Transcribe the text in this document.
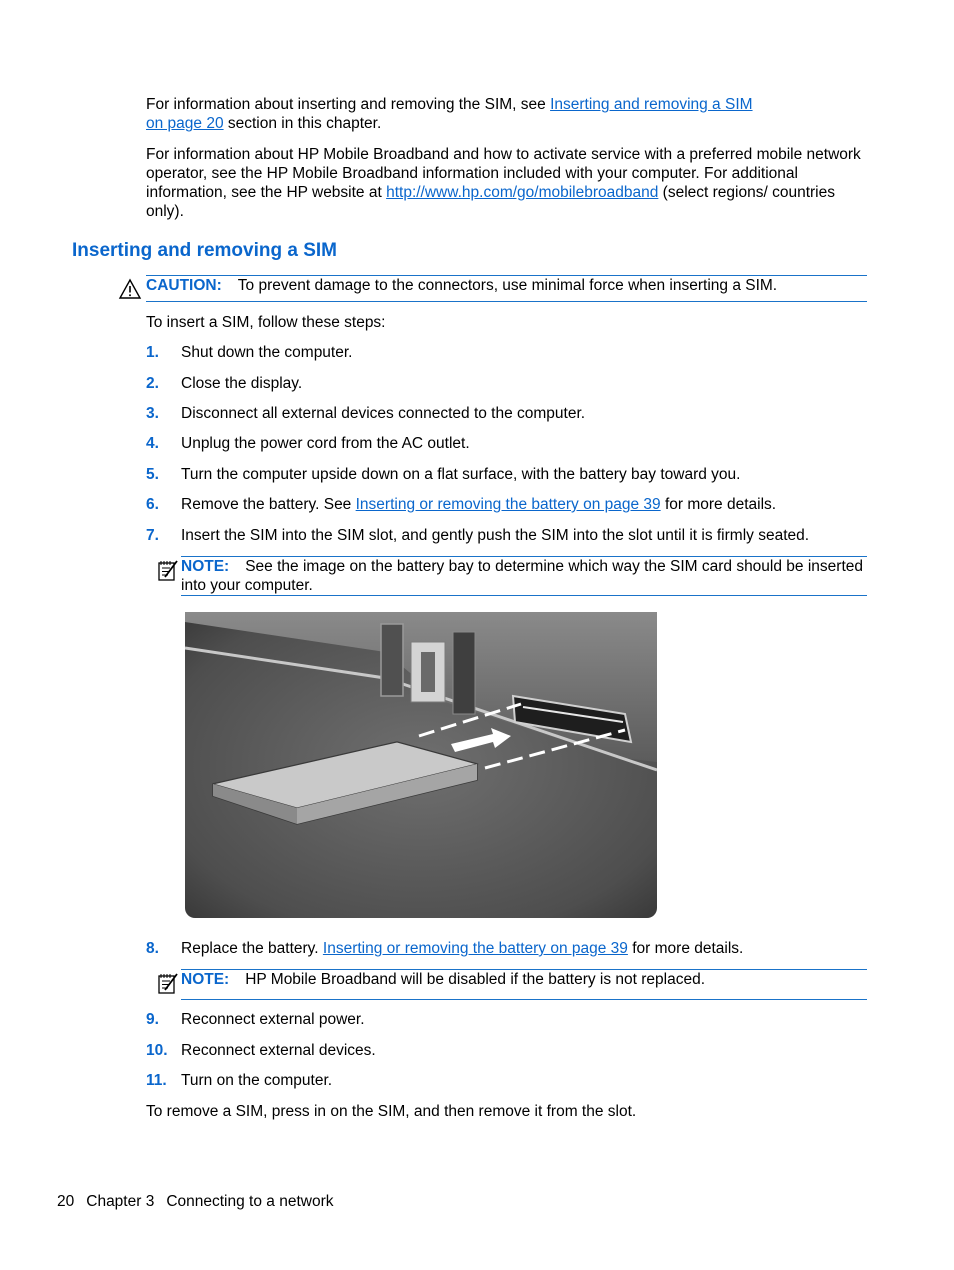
For information about inserting and removing the SIM, see Inserting and removing a SIM
on page 20 section in this chapter.
For information about HP Mobile Broadband and how to activate service with a preferred mobile network operator, see the HP Mobile Broadband information included with your computer. For additional information, see the HP website at http://www.hp.com/go/mobilebroadband (select regions/ countries only).
Inserting and removing a SIM
CAUTION: To prevent damage to the connectors, use minimal force when inserting a SIM.
To insert a SIM, follow these steps:
1. Shut down the computer.
2. Close the display.
3. Disconnect all external devices connected to the computer.
4. Unplug the power cord from the AC outlet.
5. Turn the computer upside down on a flat surface, with the battery bay toward you.
6. Remove the battery. See Inserting or removing the battery on page 39 for more details.
7. Insert the SIM into the SIM slot, and gently push the SIM into the slot until it is firmly seated.
NOTE: See the image on the battery bay to determine which way the SIM card should be inserted into your computer.
8. Replace the battery. Inserting or removing the battery on page 39 for more details.
NOTE: HP Mobile Broadband will be disabled if the battery is not replaced.
9. Reconnect external power.
10. Reconnect external devices.
11. Turn on the computer.
To remove a SIM, press in on the SIM, and then remove it from the slot.
20 Chapter 3 Connecting to a network
